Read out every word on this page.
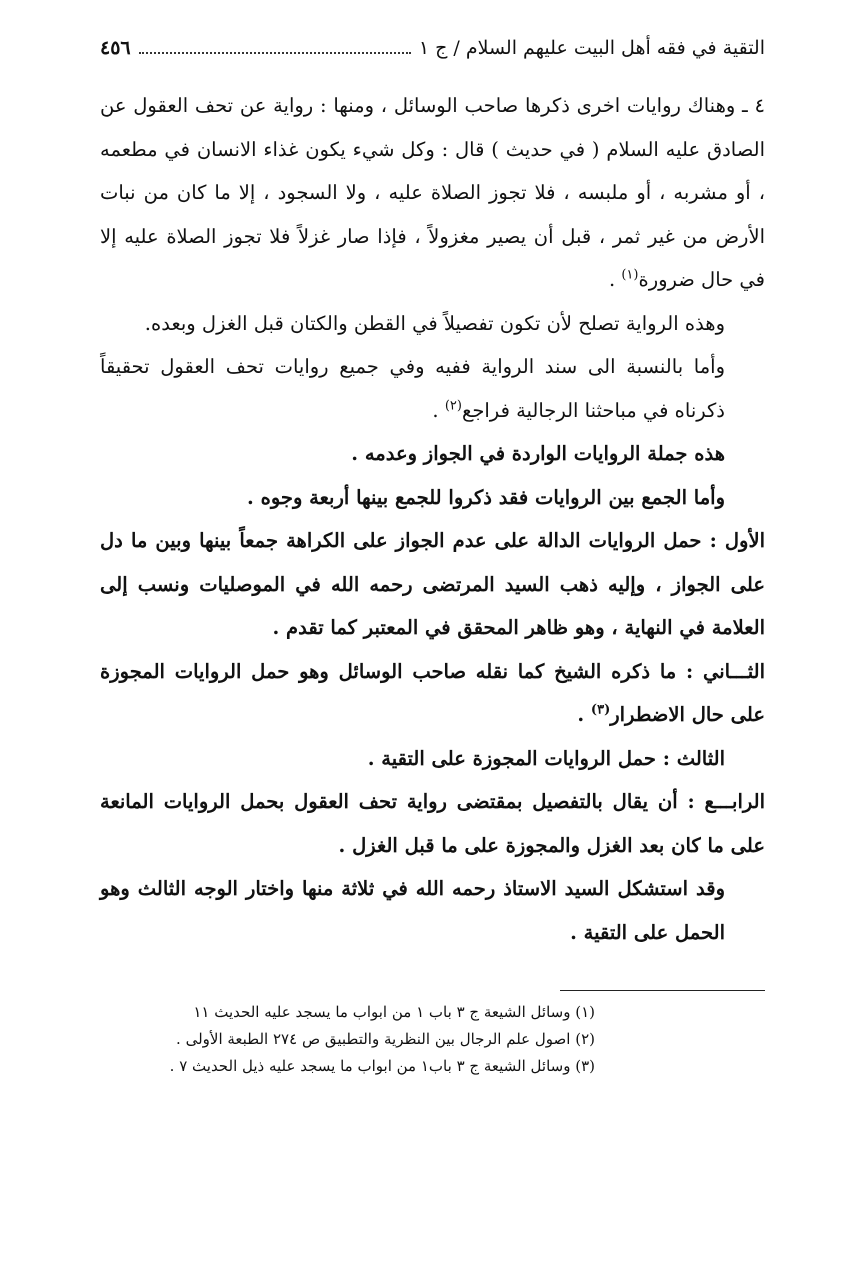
التقية في فقه أهل البيت عليهم السلام / ج ١
٤٥٦

٤ ـ وهناك روايات اخرى ذكرها صاحب الوسائل ، ومنها : رواية عن تحف العقول عن الصادق عليه السلام ( في حديث ) قال : وكل شيء يكون غذاء الانسان في مطعمه ، أو مشربه ، أو ملبسه ، فلا تجوز الصلاة عليه ، ولا السجود ، إلا ما كان من نبات الأرض من غير ثمر ، قبل أن يصير مغزولاً ، فإذا صار غزلاً فلا تجوز الصلاة عليه إلا في حال ضرورة$^{(١)}$ .

وهذه الرواية تصلح لأن تكون تفصيلاً في القطن والكتان قبل الغزل وبعده.

وأما بالنسبة الى سند الرواية ففيه وفي جميع روايات تحف العقول تحقيقاً ذكرناه في مباحثنا الرجالية فراجع$^{(٢)}$ .

هذه جملة الروايات الواردة في الجواز وعدمه .

وأما الجمع بين الروايات فقد ذكروا للجمع بينها أربعة وجوه .

الأول : حمل الروايات الدالة على عدم الجواز على الكراهة جمعاً بينها وبين ما دل على الجواز ، وإليه ذهب السيد المرتضى رحمه الله في الموصليات ونسب إلى العلامة في النهاية ، وهو ظاهر المحقق في المعتبر كما تقدم .

الثـــاني : ما ذكره الشيخ كما نقله صاحب الوسائل وهو حمل الروايات المجوزة على حال الاضطرار$^{(٣)}$ .

الثالث : حمل الروايات المجوزة على التقية .

الرابـــع : أن يقال بالتفصيل بمقتضى رواية تحف العقول بحمل الروايات المانعة على ما كان بعد الغزل والمجوزة على ما قبل الغزل .

وقد استشكل السيد الاستاذ رحمه الله في ثلاثة منها واختار الوجه الثالث وهو الحمل على التقية .

(١) وسائل الشيعة ج ٣ باب ١ من ابواب ما يسجد عليه الحديث ١١

(٢) اصول علم الرجال بين النظرية والتطبيق ص ٢٧٤ الطبعة الأولى .

(٣) وسائل الشيعة ج ٣ باب١ من ابواب ما يسجد عليه ذيل الحديث ٧ .
